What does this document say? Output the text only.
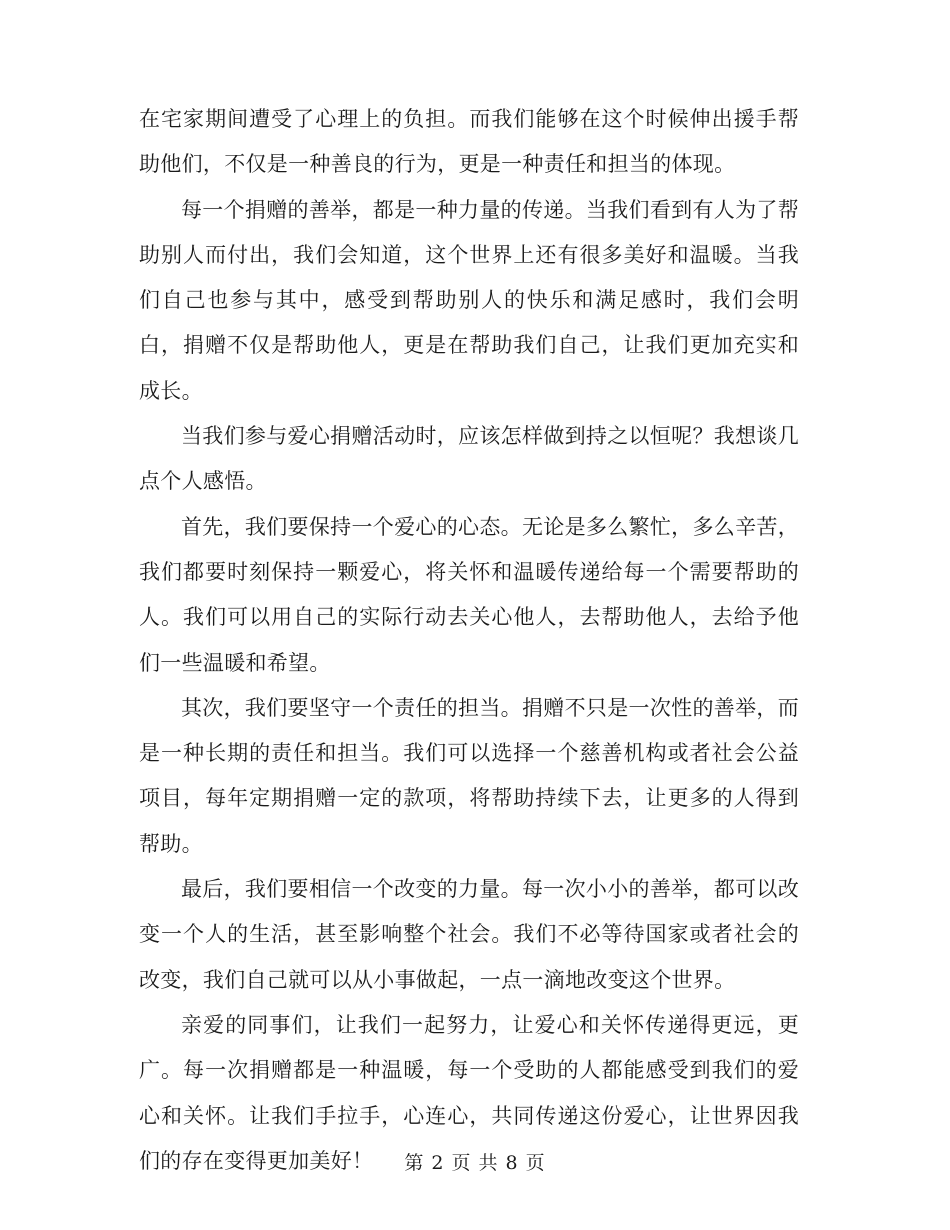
在宅家期间遭受了心理上的负担。而我们能够在这个时候伸出援手帮助他们，不仅是一种善良的行为，更是一种责任和担当的体现。

每一个捐赠的善举，都是一种力量的传递。当我们看到有人为了帮助别人而付出，我们会知道，这个世界上还有很多美好和温暖。当我们自己也参与其中，感受到帮助别人的快乐和满足感时，我们会明白，捐赠不仅是帮助他人，更是在帮助我们自己，让我们更加充实和成长。

当我们参与爱心捐赠活动时，应该怎样做到持之以恒呢？我想谈几点个人感悟。

首先，我们要保持一个爱心的心态。无论是多么繁忙，多么辛苦，我们都要时刻保持一颗爱心，将关怀和温暖传递给每一个需要帮助的人。我们可以用自己的实际行动去关心他人，去帮助他人，去给予他们一些温暖和希望。

其次，我们要坚守一个责任的担当。捐赠不只是一次性的善举，而是一种长期的责任和担当。我们可以选择一个慈善机构或者社会公益项目，每年定期捐赠一定的款项，将帮助持续下去，让更多的人得到帮助。

最后，我们要相信一个改变的力量。每一次小小的善举，都可以改变一个人的生活，甚至影响整个社会。我们不必等待国家或者社会的改变，我们自己就可以从小事做起，一点一滴地改变这个世界。

亲爱的同事们，让我们一起努力，让爱心和关怀传递得更远，更广。每一次捐赠都是一种温暖，每一个受助的人都能感受到我们的爱心和关怀。让我们手拉手，心连心，共同传递这份爱心，让世界因我们的存在变得更加美好！	第 2 页 共 8 页
